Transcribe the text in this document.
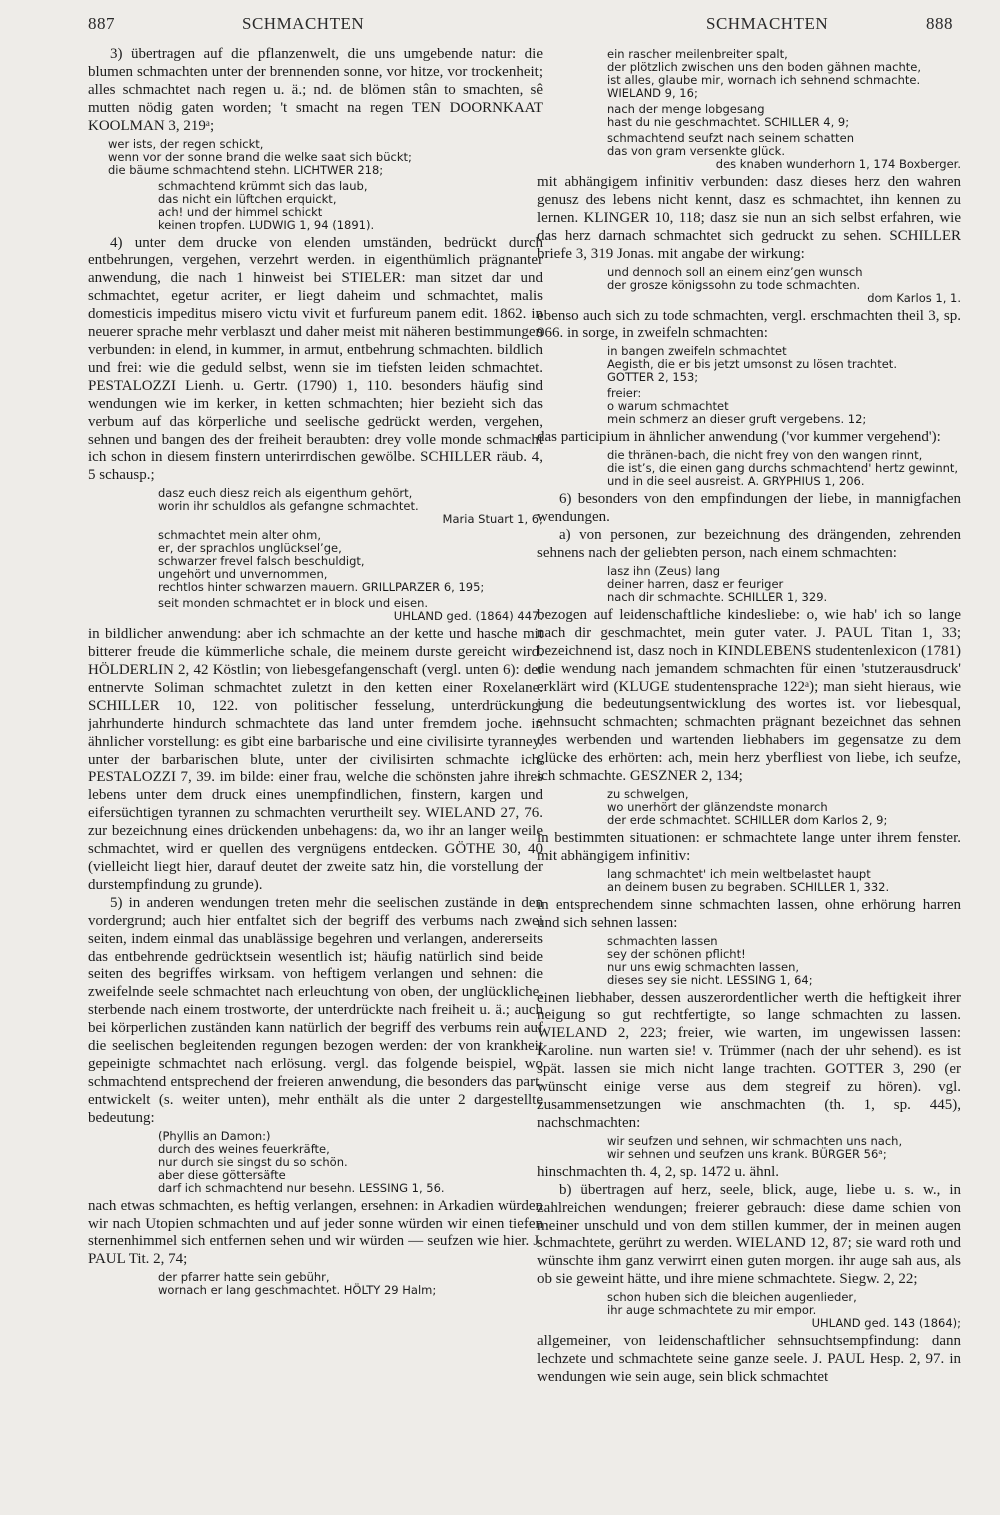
887	SCHMACHTEN	SCHMACHTEN	888

3) übertragen auf die pflanzenwelt, die uns umgebende natur: die blumen schmachten unter der brennenden sonne, vor hitze, vor trockenheit; alles schmachtet nach regen u. ä.; nd. de blömen stân to smachten, sê mutten nödig gaten worden; 't smacht na regen TEN DOORNKAAT KOOLMAN 3, 219ᵃ;

wer ists, der regen schickt,
wenn vor der sonne brand die welke saat sich bückt;
die bäume schmachtend stehn. LICHTWER 218;
schmachtend krümmt sich das laub,
das nicht ein lüftchen erquickt,
ach! und der himmel schickt
keinen tropfen. LUDWIG 1, 94 (1891).

4) unter dem drucke von elenden umständen, bedrückt durch entbehrungen, vergehen, verzehrt werden. in eigenthümlich prägnanter anwendung, die nach 1 hinweist bei STIELER: man sitzet dar und schmachtet, egetur acriter, er liegt daheim und schmachtet, malis domesticis impeditus misero victu vivit et furfureum panem edit. 1862. in neuerer sprache mehr verblaszt und daher meist mit näheren bestimmungen verbunden: in elend, in kummer, in armut, entbehrung schmachten. bildlich und frei: wie die geduld selbst, wenn sie im tiefsten leiden schmachtet. PESTALOZZI Lienh. u. Gertr. (1790) 1, 110. besonders häufig sind wendungen wie im kerker, in ketten schmachten; hier bezieht sich das verbum auf das körperliche und seelische gedrückt werden, vergehen, sehnen und bangen des der freiheit beraubten: drey volle monde schmacht ich schon in diesem finstern unterirrdischen gewölbe. SCHILLER räub. 4, 5 schausp.;

dasz euch diesz reich als eigenthum gehört,
worin ihr schuldlos als gefangne schmachtet.
Maria Stuart 1, 6;
schmachtet mein alter ohm,
er, der sprachlos unglückselʼge,
schwarzer frevel falsch beschuldigt,
ungehört und unvernommen,
rechtlos hinter schwarzen mauern. GRILLPARZER 6, 195;
seit monden schmachtet er in block und eisen.
UHLAND ged. (1864) 447.

in bildlicher anwendung: aber ich schmachte an der kette und hasche mit bitterer freude die kümmerliche schale, die meinem durste gereicht wird. HÖLDERLIN 2, 42 Köstlin; von liebesgefangenschaft (vergl. unten 6): der entnervte Soliman schmachtet zuletzt in den ketten einer Roxelane. SCHILLER 10, 122. von politischer fesselung, unterdrückung: jahrhunderte hindurch schmachtete das land unter fremdem joche. in ähnlicher vorstellung: es gibt eine barbarische und eine civilisirte tyranney. unter der barbarischen blute, unter der civilisirten schmachte ich. PESTALOZZI 7, 39. im bilde: einer frau, welche die schönsten jahre ihres lebens unter dem druck eines unempfindlichen, finstern, kargen und eifersüchtigen tyrannen zu schmachten verurtheilt sey. WIELAND 27, 76. zur bezeichnung eines drückenden unbehagens: da, wo ihr an langer weile schmachtet, wird er quellen des vergnügens entdecken. GÖTHE 30, 40 (vielleicht liegt hier, darauf deutet der zweite satz hin, die vorstellung der durstempfindung zu grunde).

5) in anderen wendungen treten mehr die seelischen zustände in den vordergrund; auch hier entfaltet sich der begriff des verbums nach zwei seiten, indem einmal das unablässige begehren und verlangen, andererseits das entbehrende gedrücktsein wesentlich ist; häufig natürlich sind beide seiten des begriffes wirksam. von heftigem verlangen und sehnen: die zweifelnde seele schmachtet nach erleuchtung von oben, der unglückliche, sterbende nach einem trostworte, der unterdrückte nach freiheit u. ä.; auch bei körperlichen zuständen kann natürlich der begriff des verbums rein auf die seelischen begleitenden regungen bezogen werden: der von krankheit gepeinigte schmachtet nach erlösung. vergl. das folgende beispiel, wo schmachtend entsprechend der freieren anwendung, die besonders das part. entwickelt (s. weiter unten), mehr enthält als die unter 2 dargestellte bedeutung:

(Phyllis an Damon:)
durch des weines feuerkräfte,
nur durch sie singst du so schön.
aber diese göttersäfte
darf ich schmachtend nur besehn. LESSING 1, 56.

nach etwas schmachten, es heftig verlangen, ersehnen: in Arkadien würden wir nach Utopien schmachten und auf jeder sonne würden wir einen tiefen sternenhimmel sich entfernen sehen und wir würden — seufzen wie hier. J. PAUL Tit. 2, 74;

der pfarrer hatte sein gebühr,
wornach er lang geschmachtet. HÖLTY 29 Halm;
ein rascher meilenbreiter spalt,
der plötzlich zwischen uns den boden gähnen machte,
ist alles, glaube mir, wornach ich sehnend schmachte.
WIELAND 9, 16;
nach der menge lobgesang
hast du nie geschmachtet. SCHILLER 4, 9;
schmachtend seufzt nach seinem schatten
das von gram versenkte glück.
des knaben wunderhorn 1, 174 Boxberger.

mit abhängigem infinitiv verbunden: dasz dieses herz den wahren genusz des lebens nicht kennt, dasz es schmachtet, ihn kennen zu lernen. KLINGER 10, 118; dasz sie nun an sich selbst erfahren, wie das herz darnach schmachtet sich gedruckt zu sehen. SCHILLER briefe 3, 319 Jonas. mit angabe der wirkung:

und dennoch soll an einem einzʼgen wunsch
der grosze königssohn zu tode schmachten.
dom Karlos 1, 1.

ebenso auch sich zu tode schmachten, vergl. erschmachten theil 3, sp. 966. in sorge, in zweifeln schmachten:

in bangen zweifeln schmachtet
Aegisth, die er bis jetzt umsonst zu lösen trachtet.
GOTTER 2, 153;
freier:
o warum schmachtet
mein schmerz an dieser gruft vergebens. 12;

das participium in ähnlicher anwendung ('vor kummer vergehend'):

die thränen-bach, die nicht frey von den wangen rinnt,
die istʼs, die einen gang durchs schmachtend' hertz gewinnt,
und in die seel ausreist. A. GRYPHIUS 1, 206.

6) besonders von den empfindungen der liebe, in mannigfachen wendungen.

a) von personen, zur bezeichnung des drängenden, zehrenden sehnens nach der geliebten person, nach einem schmachten:

lasz ihn (Zeus) lang
deiner harren, dasz er feuriger
nach dir schmachte. SCHILLER 1, 329.

bezogen auf leidenschaftliche kindesliebe: o, wie hab' ich so lange nach dir geschmachtet, mein guter vater. J. PAUL Titan 1, 33; bezeichnend ist, dasz noch in KINDLEBENS studentenlexicon (1781) die wendung nach jemandem schmachten für einen 'stutzerausdruck' erklärt wird (KLUGE studentensprache 122ᵃ); man sieht hieraus, wie jung die bedeutungsentwicklung des wortes ist. vor liebesqual, sehnsucht schmachten; schmachten prägnant bezeichnet das sehnen des werbenden und wartenden liebhabers im gegensatze zu dem glücke des erhörten: ach, mein herz yberfliest von liebe, ich seufze, ich schmachte. GESZNER 2, 134;

zu schwelgen,
wo unerhört der glänzendste monarch
der erde schmachtet. SCHILLER dom Karlos 2, 9;

in bestimmten situationen: er schmachtete lange unter ihrem fenster. mit abhängigem infinitiv:

lang schmachtet' ich mein weltbelastet haupt
an deinem busen zu begraben. SCHILLER 1, 332.

in entsprechendem sinne schmachten lassen, ohne erhörung harren und sich sehnen lassen:

schmachten lassen
sey der schönen pflicht!
nur uns ewig schmachten lassen,
dieses sey sie nicht. LESSING 1, 64;

einen liebhaber, dessen auszerordentlicher werth die heftigkeit ihrer neigung so gut rechtfertigte, so lange schmachten zu lassen. WIELAND 2, 223; freier, wie warten, im ungewissen lassen: Karoline. nun warten sie! v. Trümmer (nach der uhr sehend). es ist spät. lassen sie mich nicht lange trachten. GOTTER 3, 290 (er wünscht einige verse aus dem stegreif zu hören). vgl. zusammensetzungen wie anschmachten (th. 1, sp. 445), nachschmachten:

wir seufzen und sehnen, wir schmachten uns nach,
wir sehnen und seufzen uns krank. BÜRGER 56ᵃ;

hinschmachten th. 4, 2, sp. 1472 u. ähnl.

b) übertragen auf herz, seele, blick, auge, liebe u. s. w., in zahlreichen wendungen; freierer gebrauch: diese dame schien von meiner unschuld und von dem stillen kummer, der in meinen augen schmachtete, gerührt zu werden. WIELAND 12, 87; sie ward roth und wünschte ihm ganz verwirrt einen guten morgen. ihr auge sah aus, als ob sie geweint hätte, und ihre miene schmachtete. Siegw. 2, 22;

schon huben sich die bleichen augenlieder,
ihr auge schmachtete zu mir empor.
UHLAND ged. 143 (1864);

allgemeiner, von leidenschaftlicher sehnsuchtsempfindung: dann lechzete und schmachtete seine ganze seele. J. PAUL Hesp. 2, 97. in wendungen wie sein auge, sein blick schmachtet
